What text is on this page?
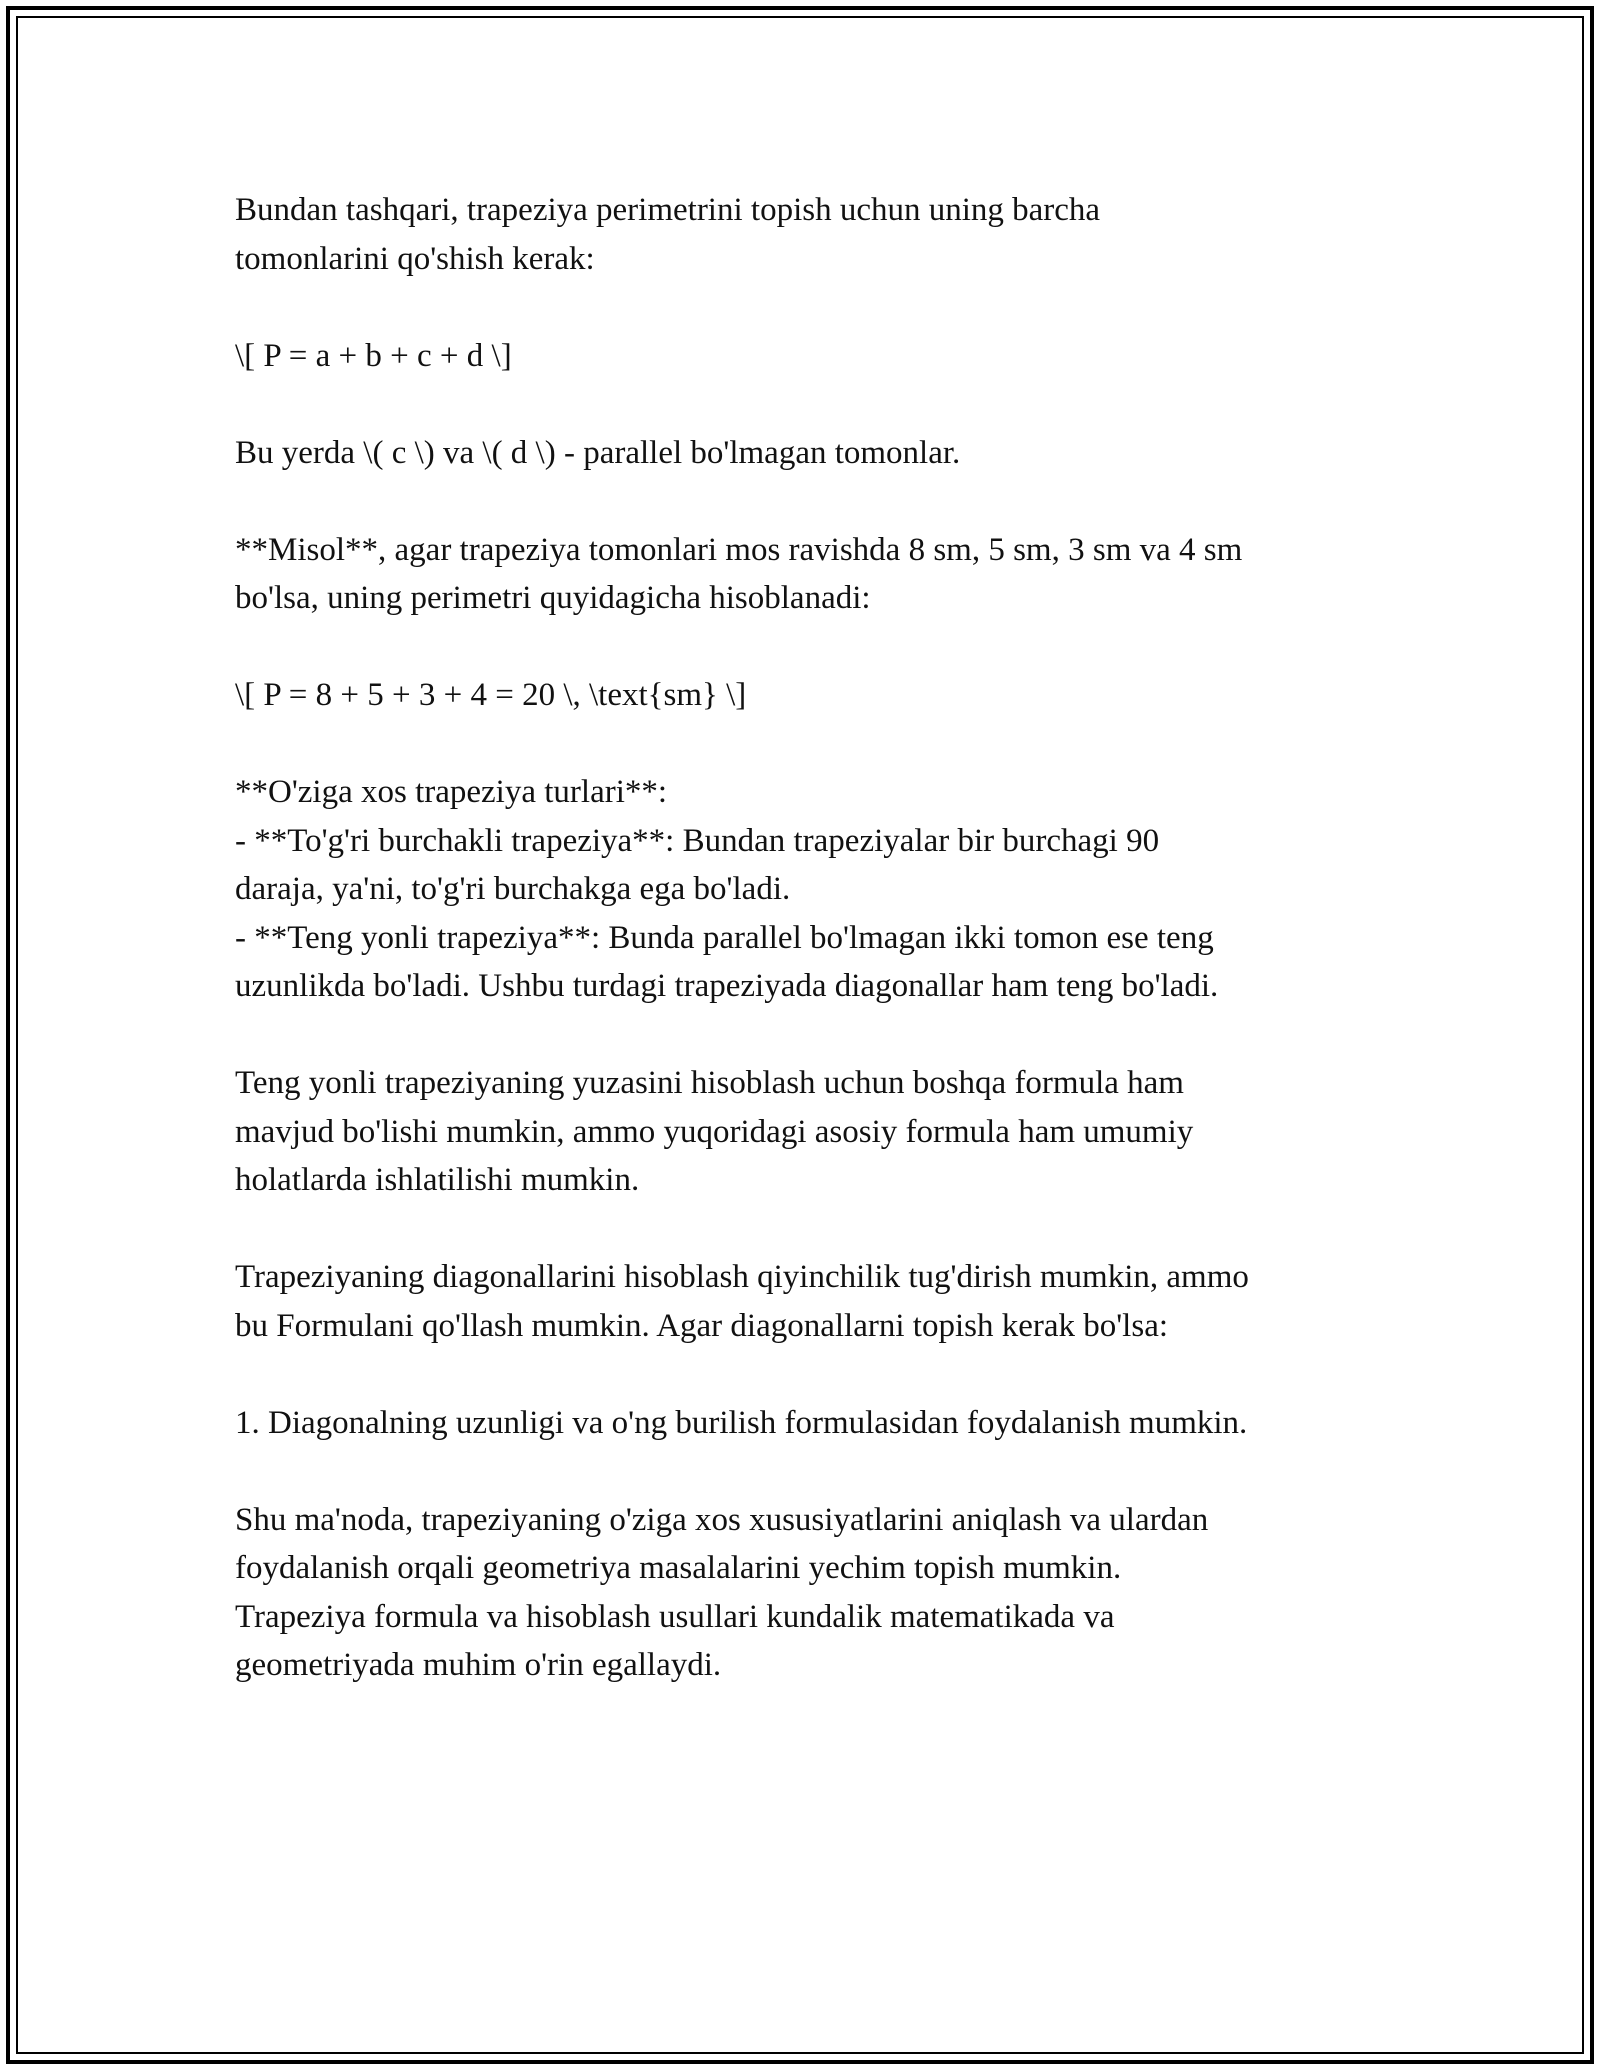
Bundan tashqari, trapeziya perimetrini topish uchun uning barcha
tomonlarini qo'shish kerak:

\[ P = a + b + c + d \]

Bu yerda \( c \) va \( d \) - parallel bo'lmagan tomonlar.

**Misol**, agar trapeziya tomonlari mos ravishda 8 sm, 5 sm, 3 sm va 4 sm
bo'lsa, uning perimetri quyidagicha hisoblanadi:

\[ P = 8 + 5 + 3 + 4 = 20 \, \text{sm} \]

**O'ziga xos trapeziya turlari**:
- **To'g'ri burchakli trapeziya**: Bundan trapeziyalar bir burchagi 90
daraja, ya'ni, to'g'ri burchakga ega bo'ladi.
- **Teng yonli trapeziya**: Bunda parallel bo'lmagan ikki tomon ese teng
uzunlikda bo'ladi. Ushbu turdagi trapeziyada diagonallar ham teng bo'ladi.

Teng yonli trapeziyaning yuzasini hisoblash uchun boshqa formula ham
mavjud bo'lishi mumkin, ammo yuqoridagi asosiy formula ham umumiy
holatlarda ishlatilishi mumkin.

Trapeziyaning diagonallarini hisoblash qiyinchilik tug'dirish mumkin, ammo
bu Formulani qo'llash mumkin. Agar diagonallarni topish kerak bo'lsa:

1. Diagonalning uzunligi va o'ng burilish formulasidan foydalanish mumkin.

Shu ma'noda, trapeziyaning o'ziga xos xususiyatlarini aniqlash va ulardan
foydalanish orqali geometriya masalalarini yechim topish mumkin.
Trapeziya formula va hisoblash usullari kundalik matematikada va
geometriyada muhim o'rin egallaydi.
